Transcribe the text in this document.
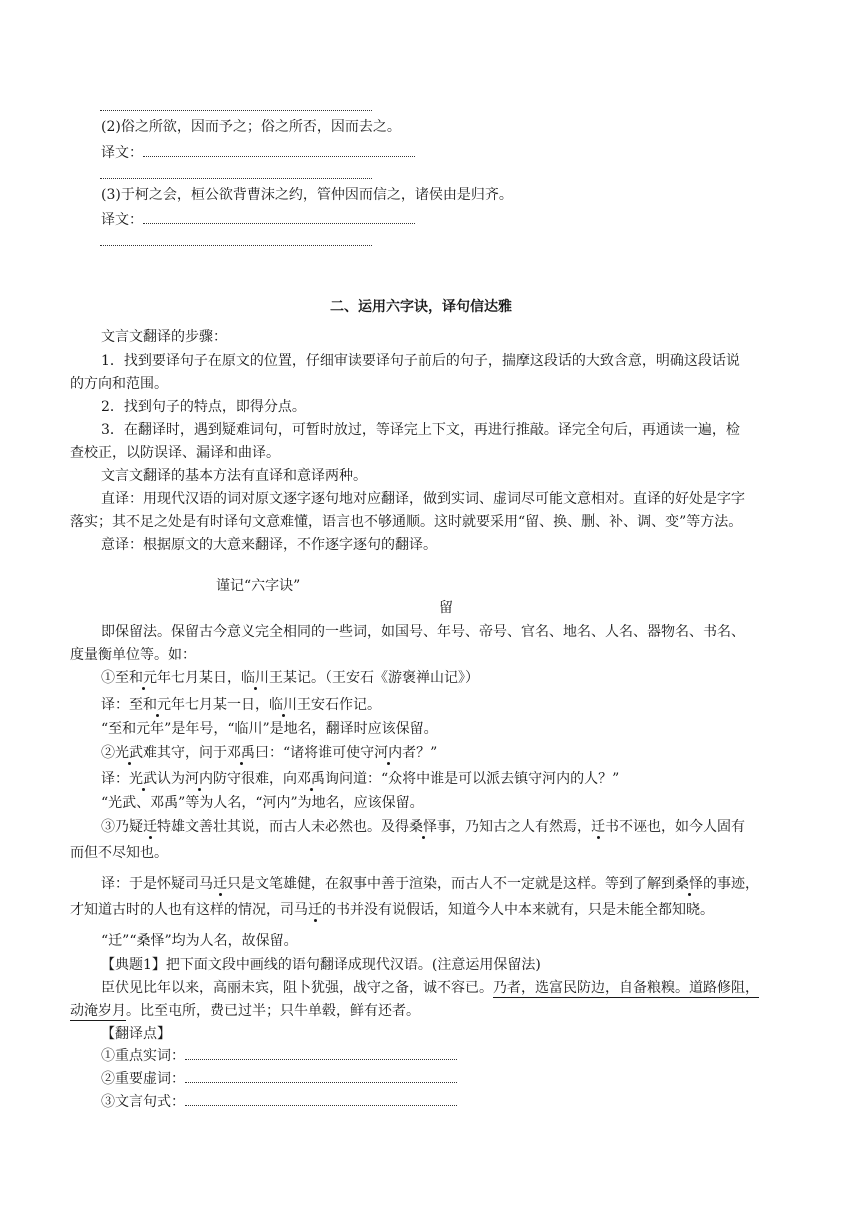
(2)俗之所欲，因而予之；俗之所否，因而去之。
译文：
(3)于柯之会，桓公欲背曹沫之约，管仲因而信之，诸侯由是归齐。
译文：
二、运用六字诀，译句信达雅
文言文翻译的步骤：
1．找到要译句子在原文的位置，仔细审读要译句子前后的句子，揣摩这段话的大致含意，明确这段话说
的方向和范围。
2．找到句子的特点，即得分点。
3．在翻译时，遇到疑难词句，可暂时放过，等译完上下文，再进行推敲。译完全句后，再通读一遍，检
查校正，以防误译、漏译和曲译。
文言文翻译的基本方法有直译和意译两种。
直译：用现代汉语的词对原文逐字逐句地对应翻译，做到实词、虚词尽可能文意相对。直译的好处是字字
落实；其不足之处是有时译句文意难懂，语言也不够通顺。这时就要采用“留、换、删、补、调、变”等方法。
意译：根据原文的大意来翻译，不作逐字逐句的翻译。
谨记“六字诀”
留
即保留法。保留古今意义完全相同的一些词，如国号、年号、帝号、官名、地名、人名、器物名、书名、
度量衡单位等。如：
①至和元年七月某日，临川王某记。（王安石《游褒禅山记》）
译：至和元年七月某一日，临川王安石作记。
“至和元年”是年号，“临川”是地名，翻译时应该保留。
②光武难其守，问于邓禹曰：“诸将谁可使守河内者？”
译：光武认为河内防守很难，向邓禹询问道：“众将中谁是可以派去镇守河内的人？”
“光武、邓禹”等为人名，“河内”为地名，应该保留。
③乃疑迁特雄文善壮其说，而古人未必然也。及得桑怿事，乃知古之人有然焉，迁书不诬也，如今人固有
而但不尽知也。
译：于是怀疑司马迁只是文笔雄健，在叙事中善于渲染，而古人不一定就是这样。等到了解到桑怿的事迹，
才知道古时的人也有这样的情况，司马迁的书并没有说假话，知道今人中本来就有，只是未能全都知晓。
“迁”“桑怿”均为人名，故保留。
【典题1】把下面文段中画线的语句翻译成现代汉语。(注意运用保留法)
臣伏见比年以来，高丽未宾，阻卜犹强，战守之备，诚不容已。乃者，选富民防边，自备粮糗。道路修阻，
动淹岁月。比至屯所，费已过半；只牛单毂，鲜有还者。
【翻译点】
①重点实词：
②重要虚词：
③文言句式：
